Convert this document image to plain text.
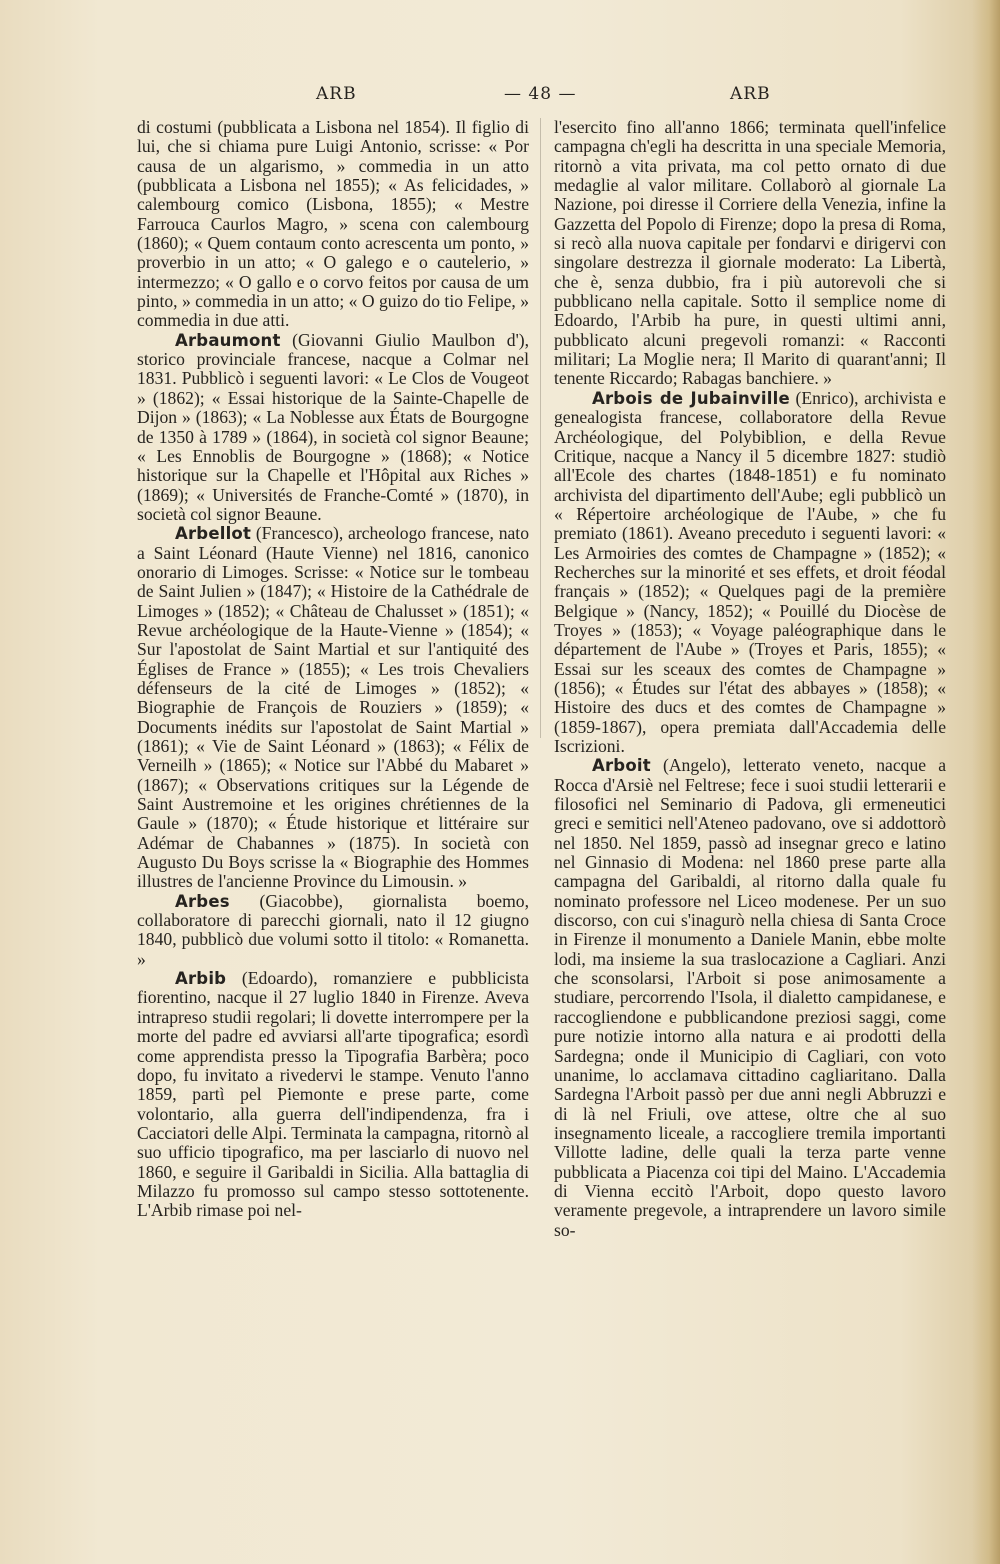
ARB	— 48 —	ARB

di costumi (pubblicata a Lisbona nel 1854). Il figlio di lui, che si chiama pure Luigi Antonio, scrisse: « Por causa de un algarismo, » commedia in un atto (pubblicata a Lisbona nel 1855); « As felicidades, » calembourg comico (Lisbona, 1855); « Mestre Farrouca Caurlos Magro, » scena con calembourg (1860); « Quem contaum conto acrescenta um ponto, » proverbio in un atto; « O galego e o cautelerio, » intermezzo; « O gallo e o corvo feitos por causa de um pinto, » commedia in un atto; « O guizo do tio Felipe, » commedia in due atti.

Arbaumont (Giovanni Giulio Maulbon d'), storico provinciale francese, nacque a Colmar nel 1831. Pubblicò i seguenti lavori: « Le Clos de Vougeot » (1862); « Essai historique de la Sainte-Chapelle de Dijon » (1863); « La Noblesse aux États de Bourgogne de 1350 à 1789 » (1864), in società col signor Beaune; « Les Ennoblis de Bourgogne » (1868); « Notice historique sur la Chapelle et l'Hôpital aux Riches » (1869); « Universités de Franche-Comté » (1870), in società col signor Beaune.

Arbellot (Francesco), archeologo francese, nato a Saint Léonard (Haute Vienne) nel 1816, canonico onorario di Limoges. Scrisse: « Notice sur le tombeau de Saint Julien » (1847); « Histoire de la Cathédrale de Limoges » (1852); « Château de Chalusset » (1851); « Revue archéologique de la Haute-Vienne » (1854); « Sur l'apostolat de Saint Martial et sur l'antiquité des Églises de France » (1855); « Les trois Chevaliers défenseurs de la cité de Limoges » (1852); « Biographie de François de Rouziers » (1859); « Documents inédits sur l'apostolat de Saint Martial » (1861); « Vie de Saint Léonard » (1863); « Félix de Verneilh » (1865); « Notice sur l'Abbé du Mabaret » (1867); « Observations critiques sur la Légende de Saint Austremoine et les origines chrétiennes de la Gaule » (1870); « Étude historique et littéraire sur Adémar de Chabannes » (1875). In società con Augusto Du Boys scrisse la « Biographie des Hommes illustres de l'ancienne Province du Limousin. »

Arbes (Giacobbe), giornalista boemo, collaboratore di parecchi giornali, nato il 12 giugno 1840, pubblicò due volumi sotto il titolo: « Romanetta. »

Arbib (Edoardo), romanziere e pubblicista fiorentino, nacque il 27 luglio 1840 in Firenze. Aveva intrapreso studii regolari; li dovette interrompere per la morte del padre ed avviarsi all'arte tipografica; esordì come apprendista presso la Tipografia Barbèra; poco dopo, fu invitato a rivedervi le stampe. Venuto l'anno 1859, partì pel Piemonte e prese parte, come volontario, alla guerra dell'indipendenza, fra i Cacciatori delle Alpi. Terminata la campagna, ritornò al suo ufficio tipografico, ma per lasciarlo di nuovo nel 1860, e seguire il Garibaldi in Sicilia. Alla battaglia di Milazzo fu promosso sul campo stesso sottotenente. L'Arbib rimase poi nel-

l'esercito fino all'anno 1866; terminata quell'infelice campagna ch'egli ha descritta in una speciale Memoria, ritornò a vita privata, ma col petto ornato di due medaglie al valor militare. Collaborò al giornale La Nazione, poi diresse il Corriere della Venezia, infine la Gazzetta del Popolo di Firenze; dopo la presa di Roma, si recò alla nuova capitale per fondarvi e dirigervi con singolare destrezza il giornale moderato: La Libertà, che è, senza dubbio, fra i più autorevoli che si pubblicano nella capitale. Sotto il semplice nome di Edoardo, l'Arbib ha pure, in questi ultimi anni, pubblicato alcuni pregevoli romanzi: « Racconti militari; La Moglie nera; Il Marito di quarant'anni; Il tenente Riccardo; Rabagas banchiere. »

Arbois de Jubainville (Enrico), archivista e genealogista francese, collaboratore della Revue Archéologique, del Polybiblion, e della Revue Critique, nacque a Nancy il 5 dicembre 1827: studiò all'Ecole des chartes (1848-1851) e fu nominato archivista del dipartimento dell'Aube; egli pubblicò un « Répertoire archéologique de l'Aube, » che fu premiato (1861). Aveano preceduto i seguenti lavori: « Les Armoiries des comtes de Champagne » (1852); « Recherches sur la minorité et ses effets, et droit féodal français » (1852); « Quelques pagi de la première Belgique » (Nancy, 1852); « Pouillé du Diocèse de Troyes » (1853); « Voyage paléographique dans le département de l'Aube » (Troyes et Paris, 1855); « Essai sur les sceaux des comtes de Champagne » (1856); « Études sur l'état des abbayes » (1858); « Histoire des ducs et des comtes de Champagne » (1859-1867), opera premiata dall'Accademia delle Iscrizioni.

Arboit (Angelo), letterato veneto, nacque a Rocca d'Arsiè nel Feltrese; fece i suoi studii letterarii e filosofici nel Seminario di Padova, gli ermeneutici greci e semitici nell'Ateneo padovano, ove si addottorò nel 1850. Nel 1859, passò ad insegnar greco e latino nel Ginnasio di Modena: nel 1860 prese parte alla campagna del Garibaldi, al ritorno dalla quale fu nominato professore nel Liceo modenese. Per un suo discorso, con cui s'inagurò nella chiesa di Santa Croce in Firenze il monumento a Daniele Manin, ebbe molte lodi, ma insieme la sua traslocazione a Cagliari. Anzi che sconsolarsi, l'Arboit si pose animosamente a studiare, percorrendo l'Isola, il dialetto campidanese, e raccogliendone e pubblicandone preziosi saggi, come pure notizie intorno alla natura e ai prodotti della Sardegna; onde il Municipio di Cagliari, con voto unanime, lo acclamava cittadino cagliaritano. Dalla Sardegna l'Arboit passò per due anni negli Abbruzzi e di là nel Friuli, ove attese, oltre che al suo insegnamento liceale, a raccogliere tremila importanti Villotte ladine, delle quali la terza parte venne pubblicata a Piacenza coi tipi del Maino. L'Accademia di Vienna eccitò l'Arboit, dopo questo lavoro veramente pregevole, a intraprendere un lavoro simile so-
